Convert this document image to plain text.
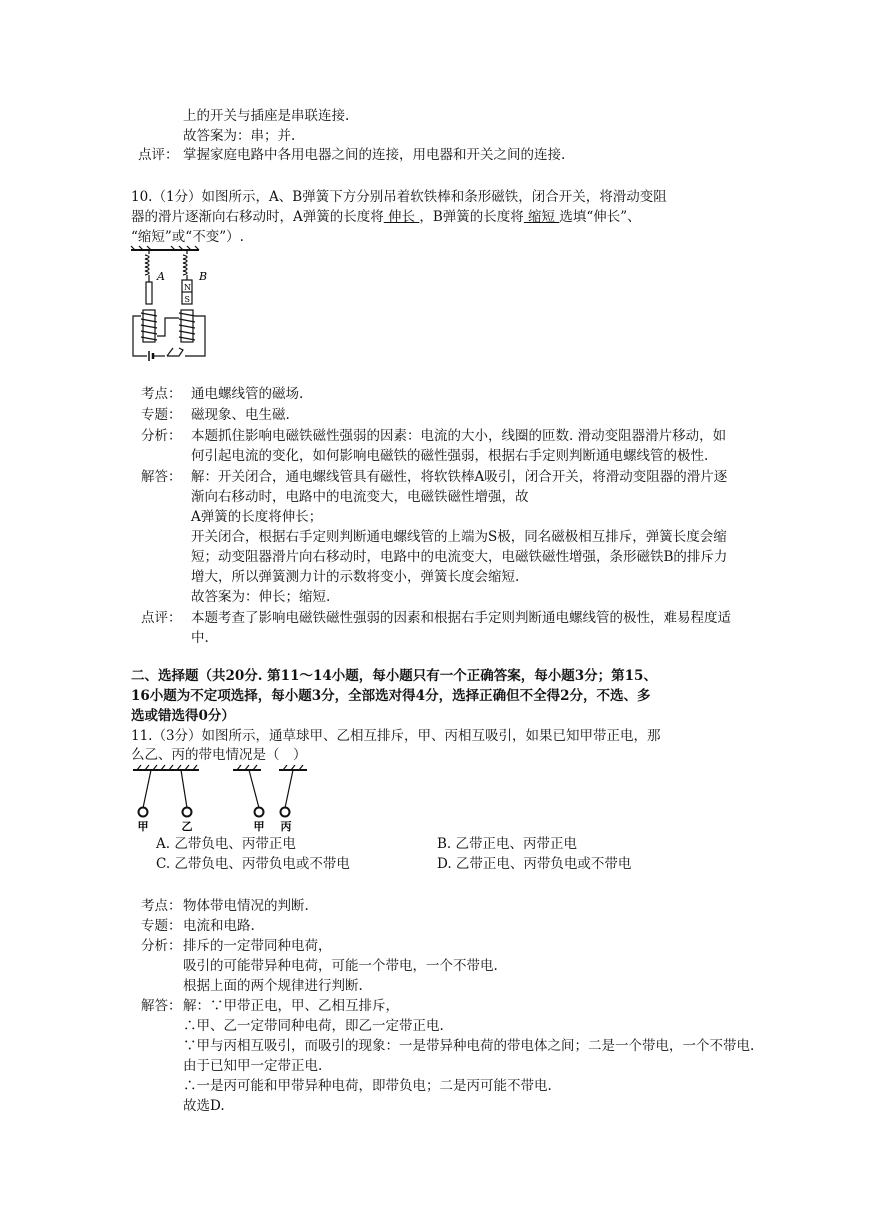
上的开关与插座是串联连接.
故答案为：串；并.
点评： 掌握家庭电路中各用电器之间的连接，用电器和开关之间的连接.
10.（1分）如图所示，A、B弹簧下方分别吊着软铁棒和条形磁铁，闭合开关，将滑动变阻
器的滑片逐渐向右移动时，A弹簧的长度将 伸长 ，B弹簧的长度将 缩短 选填“伸长”、
“缩短”或“不变”）.
A	B
N
S
考点： 通电螺线管的磁场.
专题： 磁现象、电生磁.
分析： 本题抓住影响电磁铁磁性强弱的因素：电流的大小，线圈的匝数. 滑动变阻器滑片移动，如
何引起电流的变化，如何影响电磁铁的磁性强弱，根据右手定则判断通电螺线管的极性.
解答： 解：开关闭合，通电螺线管具有磁性，将软铁棒A吸引，闭合开关，将滑动变阻器的滑片逐
渐向右移动时，电路中的电流变大，电磁铁磁性增强，故
A弹簧的长度将伸长；
开关闭合，根据右手定则判断通电螺线管的上端为S极，同名磁极相互排斥，弹簧长度会缩
短；动变阻器滑片向右移动时，电路中的电流变大，电磁铁磁性增强，条形磁铁B的排斥力
增大，所以弹簧测力计的示数将变小，弹簧长度会缩短.
故答案为：伸长；缩短.
点评： 本题考查了影响电磁铁磁性强弱的因素和根据右手定则判断通电螺线管的极性，难易程度适
中.
二、选择题（共20分. 第11～14小题，每小题只有一个正确答案，每小题3分；第15、
16小题为不定项选择，每小题3分，全部选对得4分，选择正确但不全得2分，不选、多
选或错选得0分）
11.（3分）如图所示，通草球甲、乙相互排斥，甲、丙相互吸引，如果已知甲带正电，那
么乙、丙的带电情况是（　）
甲	乙	甲 丙
A. 乙带负电、丙带正电	B. 乙带正电、丙带正电
C. 乙带负电、丙带负电或不带电	D. 乙带正电、丙带负电或不带电
考点： 物体带电情况的判断.
专题： 电流和电路.
分析： 排斥的一定带同种电荷，
吸引的可能带异种电荷，可能一个带电，一个不带电.
根据上面的两个规律进行判断.
解答： 解：∵甲带正电，甲、乙相互排斥，
∴甲、乙一定带同种电荷，即乙一定带正电.
∵甲与丙相互吸引，而吸引的现象：一是带异种电荷的带电体之间；二是一个带电，一个不带电.
由于已知甲一定带正电.
∴一是丙可能和甲带异种电荷，即带负电；二是丙可能不带电.
故选D.
